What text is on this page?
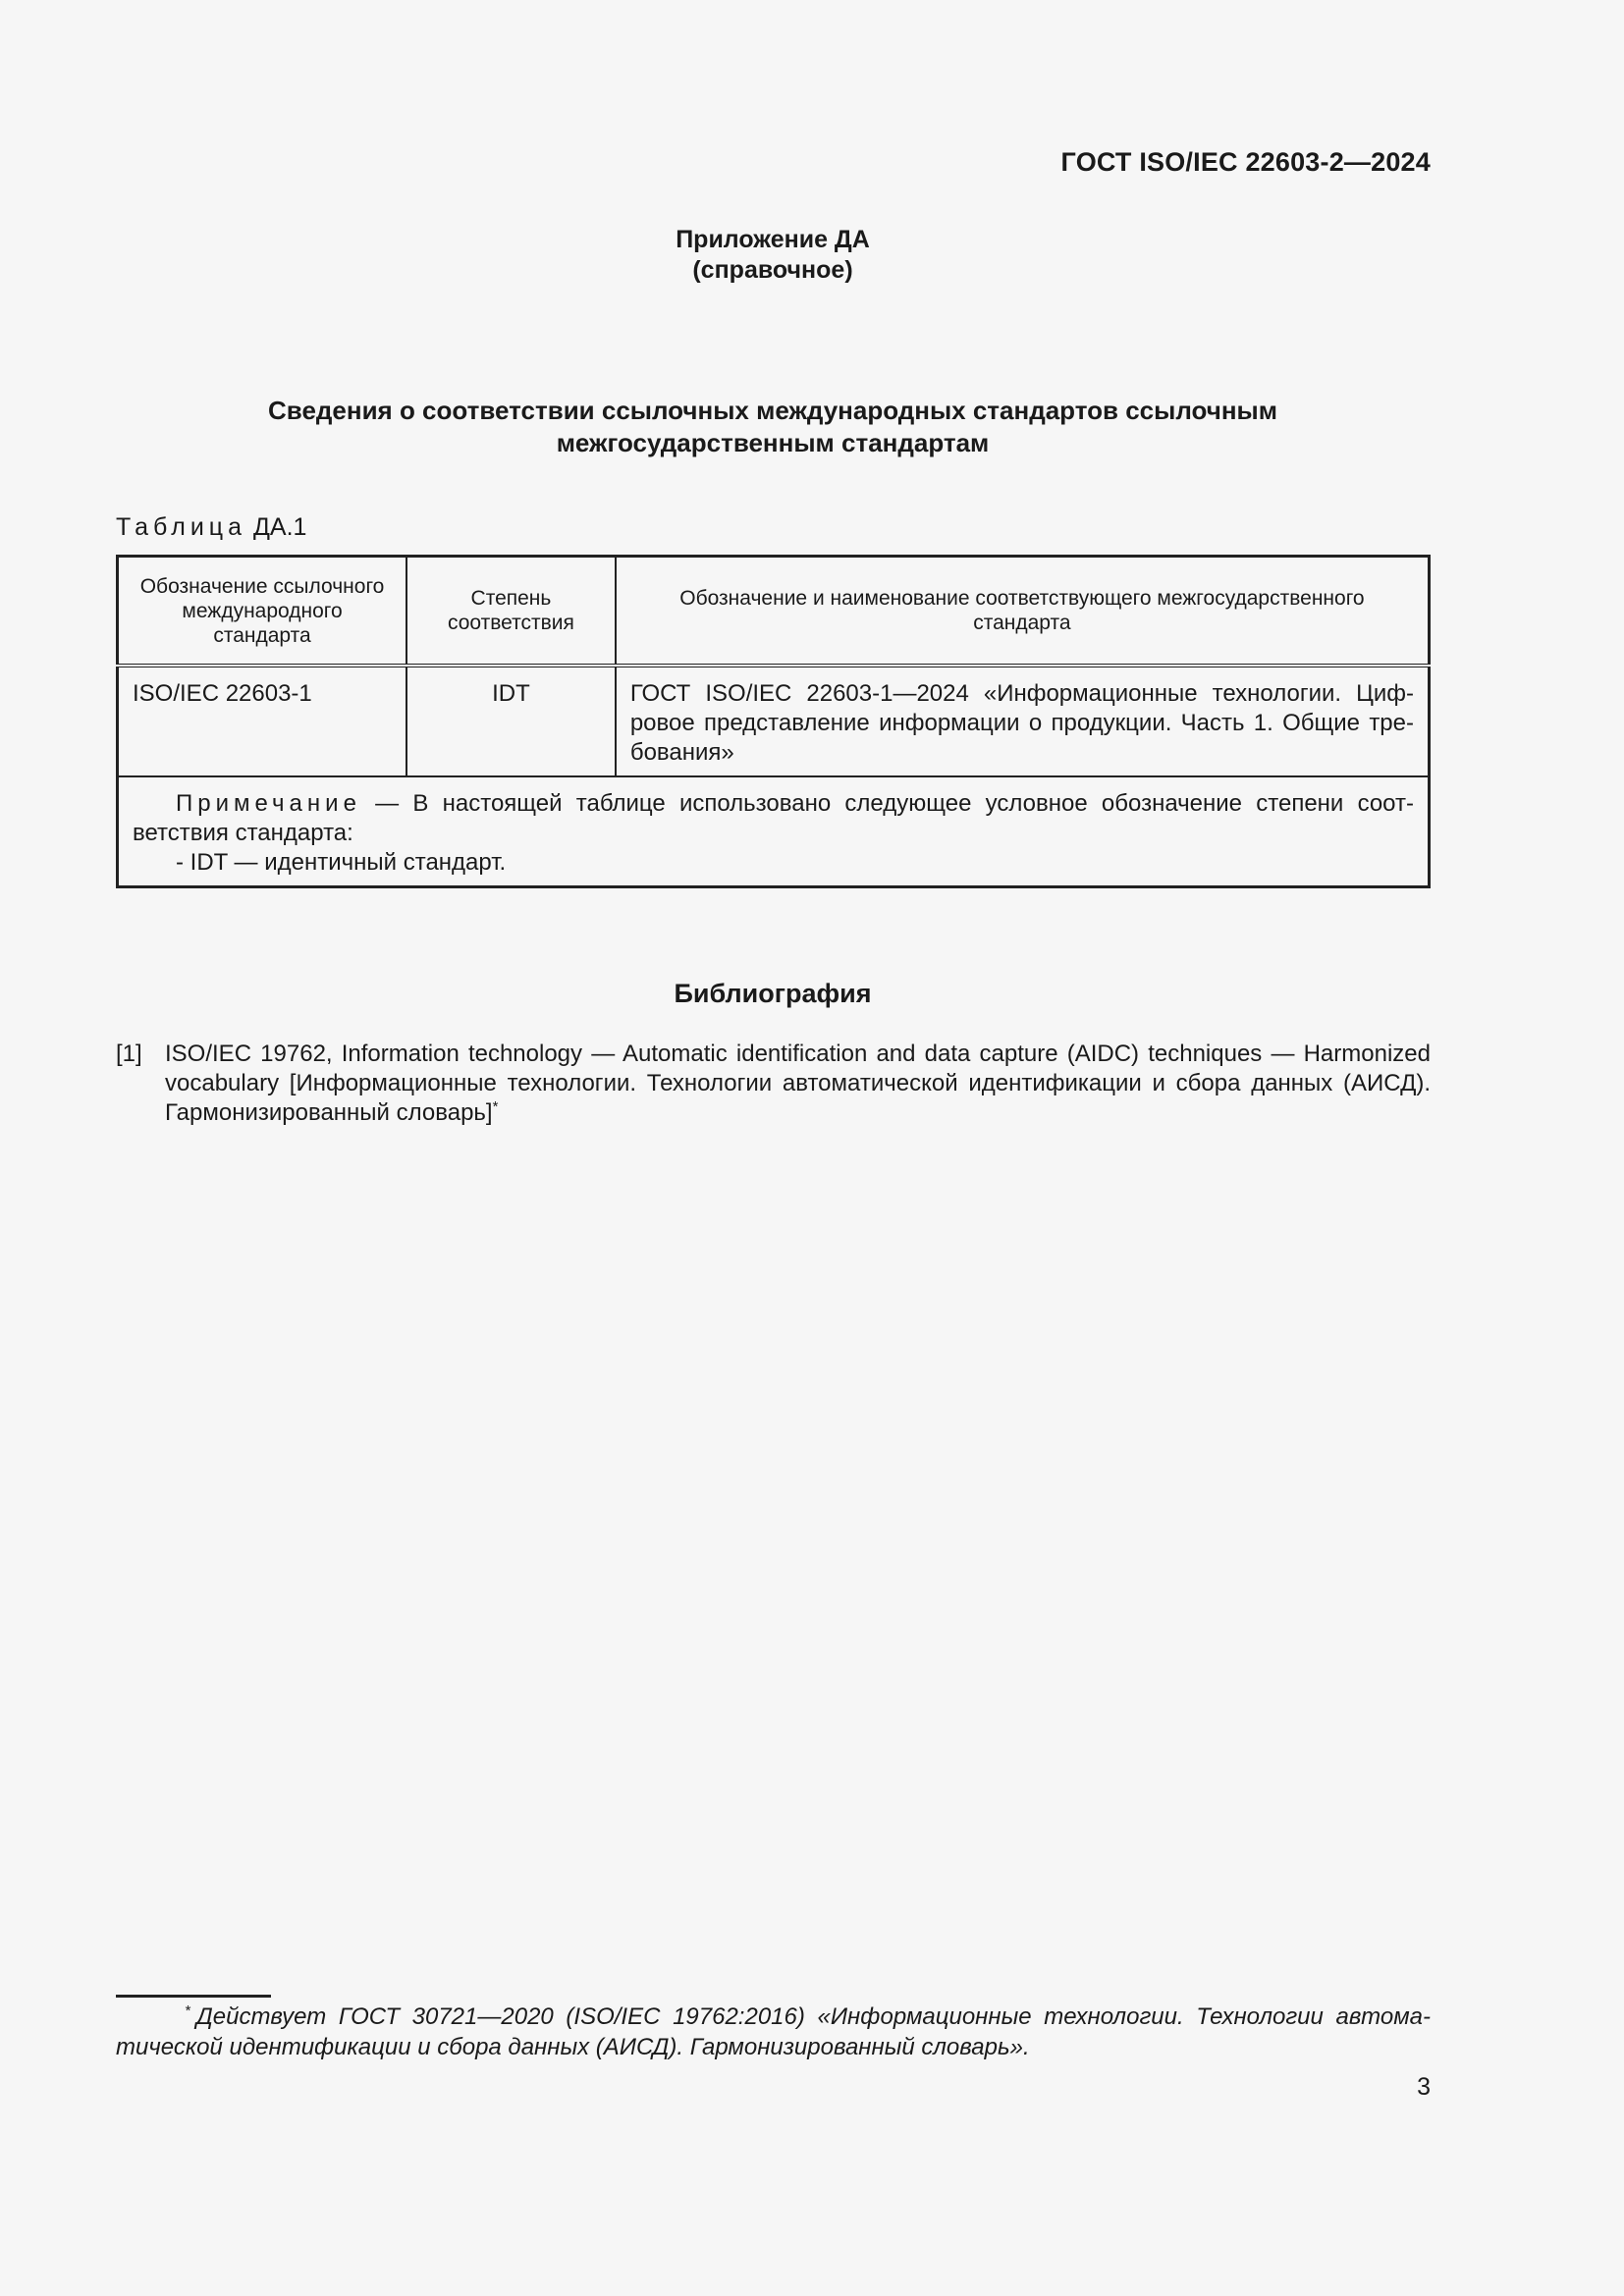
ГОСТ ISO/IEC 22603-2—2024
Приложение ДА
(справочное)
Сведения о соответствии ссылочных международных стандартов ссылочным межгосударственным стандартам
Таблица ДА.1
Обозначение ссылочного международного стандарта	Степень соответствия	Обозначение и наименование соответствующего межгосударственного стандарта
ISO/IEC 22603-1	IDT	ГОСТ ISO/IEC 22603-1—2024 «Информационные технологии. Цифровое представление информации о продукции. Часть 1. Общие требования»

Примечание — В настоящей таблице использовано следующее условное обозначение степени соответствия стандарта:
- IDT — идентичный стандарт.		
Библиография
[1] ISO/IEC 19762, Information technology — Automatic identification and data capture (AIDC) techniques — Harmonized vocabulary [Информационные технологии. Технологии автоматической идентификации и сбора данных (АИСД). Гармонизированный словарь]*
* Действует ГОСТ 30721—2020 (ISO/IEC 19762:2016) «Информационные технологии. Технологии автоматической идентификации и сбора данных (АИСД). Гармонизированный словарь».
3
